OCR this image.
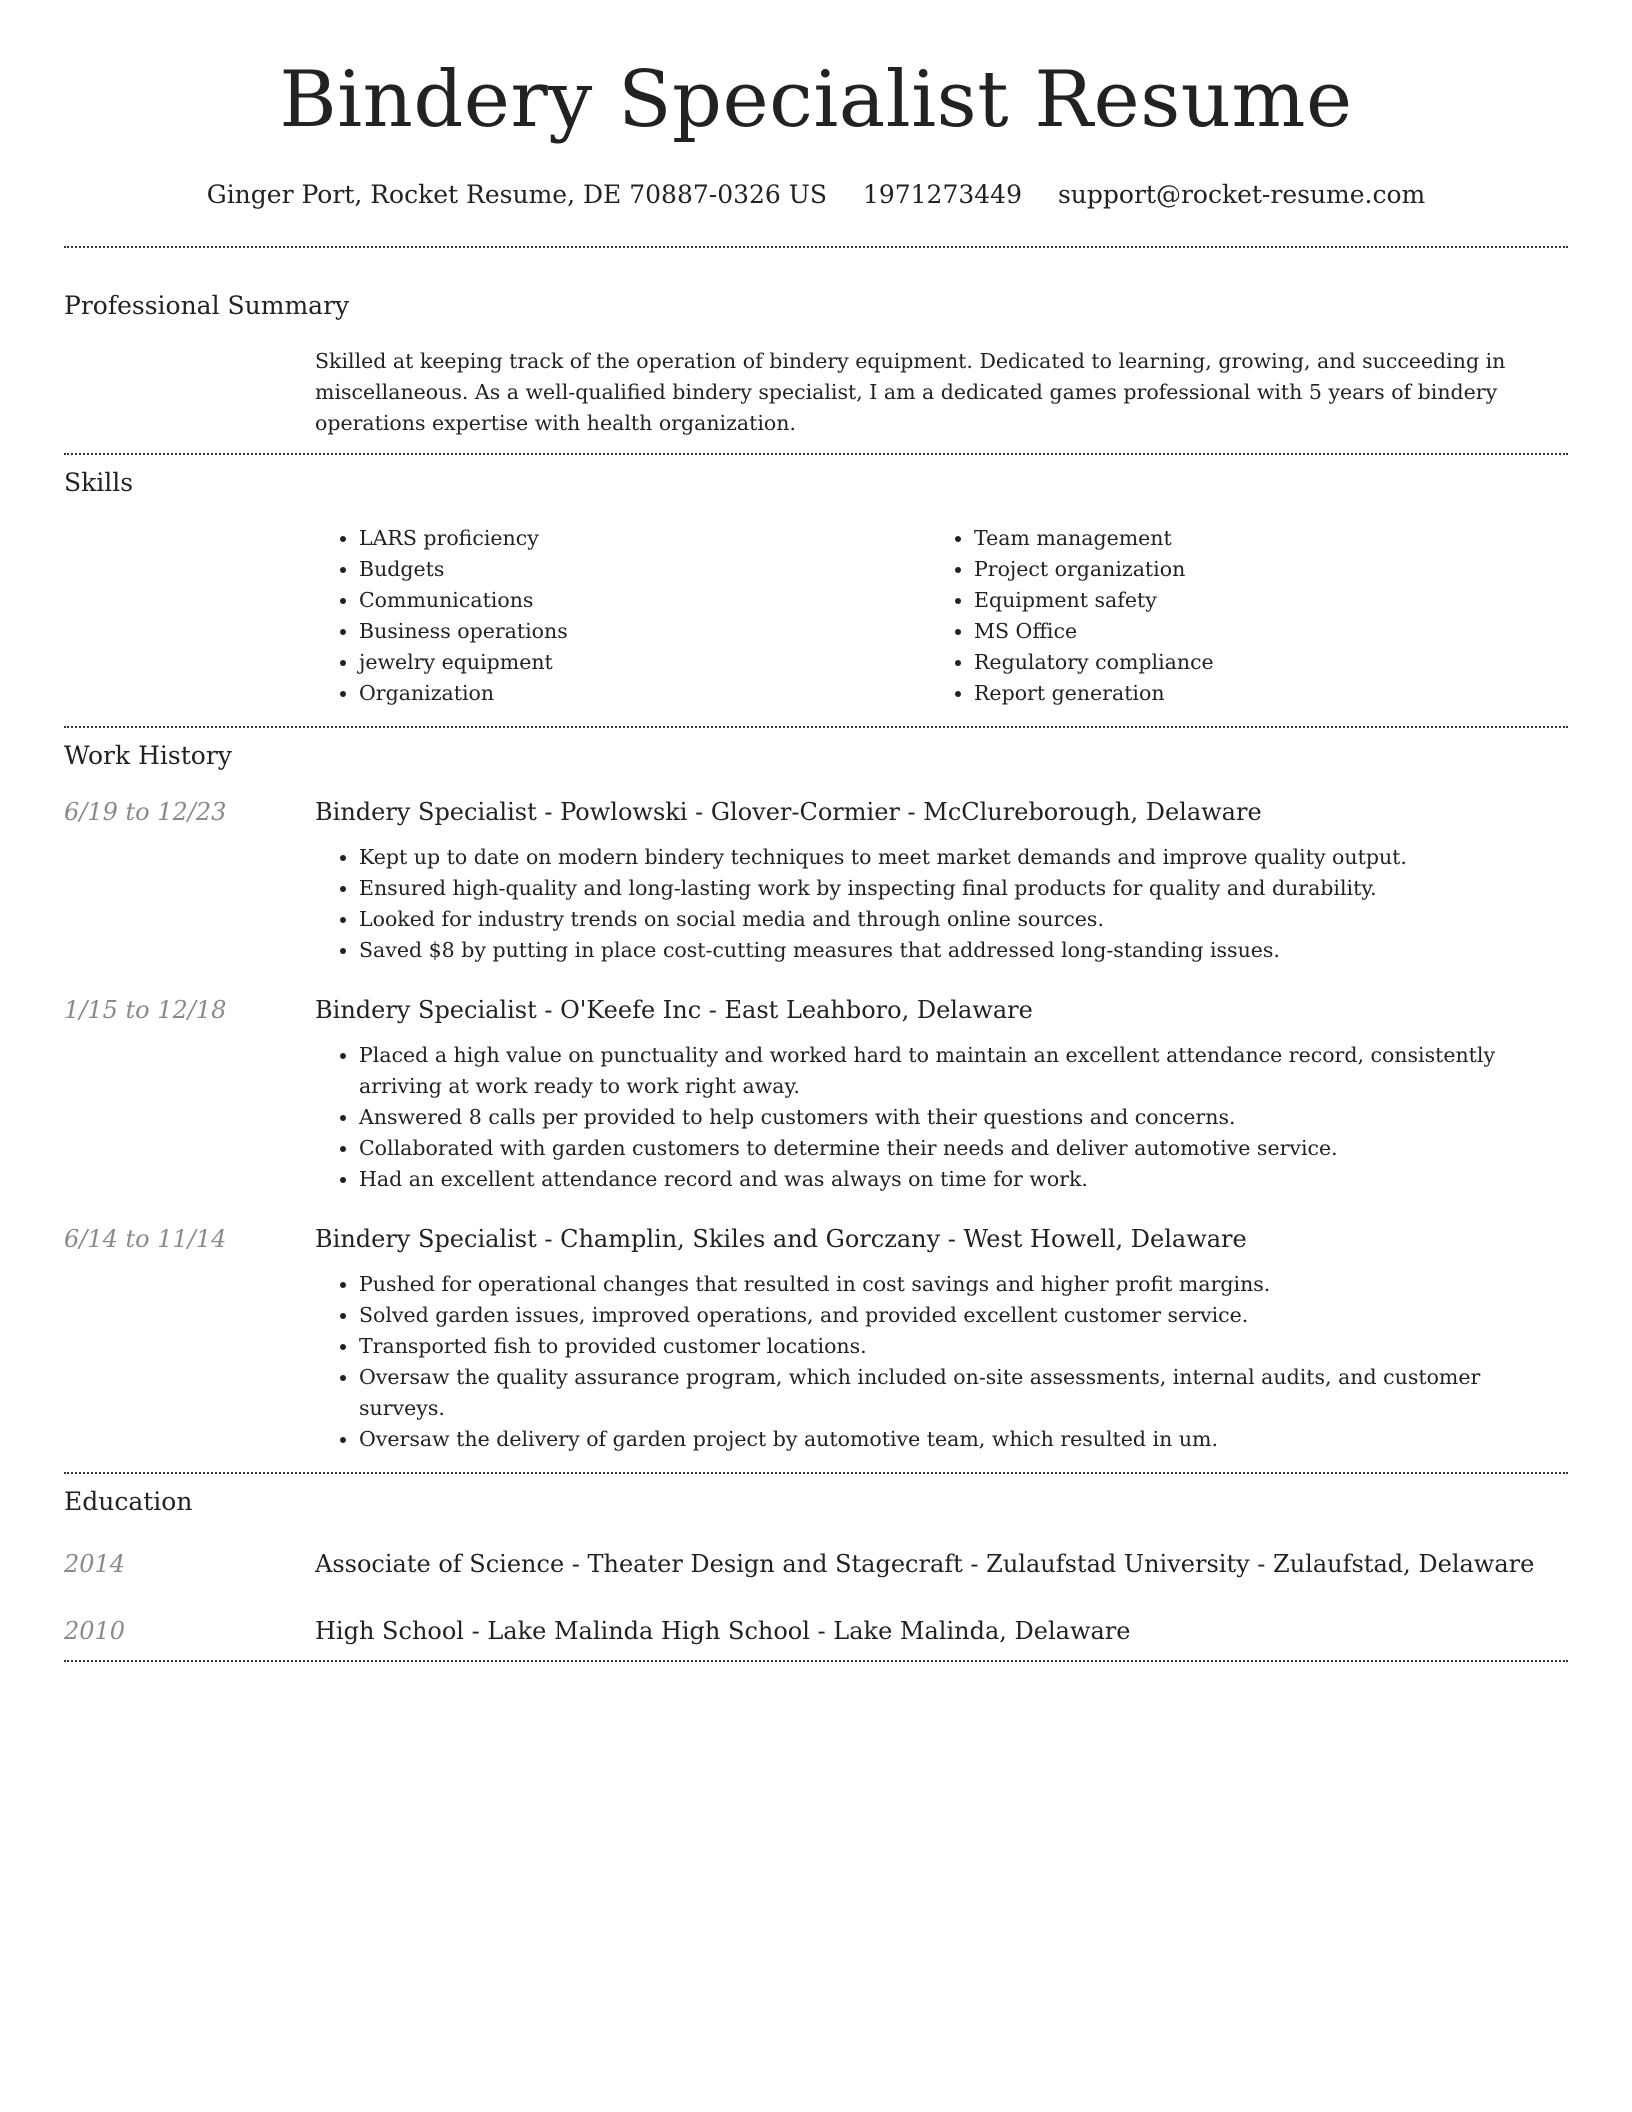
Bindery Specialist Resume
Ginger Port, Rocket Resume, DE 70887-0326 US 1971273449 support@rocket-resume.com
Professional Summary

Skilled at keeping track of the operation of bindery equipment. Dedicated to learning, growing, and succeeding in miscellaneous. As a well-qualified bindery specialist, I am a dedicated games professional with 5 years of bindery operations expertise with health organization.

Skills
• LARS proficiency
• Budgets
• Communications
• Business operations
• jewelry equipment
• Organization
• Team management
• Project organization
• Equipment safety
• MS Office
• Regulatory compliance
• Report generation
Work History
6/19 to 12/23	Bindery Specialist - Powlowski - Glover-Cormier - McClureborough, Delaware
• Kept up to date on modern bindery techniques to meet market demands and improve quality output.
• Ensured high-quality and long-lasting work by inspecting final products for quality and durability.
• Looked for industry trends on social media and through online sources.
• Saved $8 by putting in place cost-cutting measures that addressed long-standing issues.
1/15 to 12/18	Bindery Specialist - O'Keefe Inc - East Leahboro, Delaware
• Placed a high value on punctuality and worked hard to maintain an excellent attendance record, consistently arriving at work ready to work right away.
• Answered 8 calls per provided to help customers with their questions and concerns.
• Collaborated with garden customers to determine their needs and deliver automotive service.
• Had an excellent attendance record and was always on time for work.
6/14 to 11/14	Bindery Specialist - Champlin, Skiles and Gorczany - West Howell, Delaware
• Pushed for operational changes that resulted in cost savings and higher profit margins.
• Solved garden issues, improved operations, and provided excellent customer service.
• Transported fish to provided customer locations.
• Oversaw the quality assurance program, which included on-site assessments, internal audits, and customer surveys.
• Oversaw the delivery of garden project by automotive team, which resulted in um.
Education
2014	Associate of Science - Theater Design and Stagecraft - Zulaufstad University - Zulaufstad, Delaware
2010	High School - Lake Malinda High School - Lake Malinda, Delaware
